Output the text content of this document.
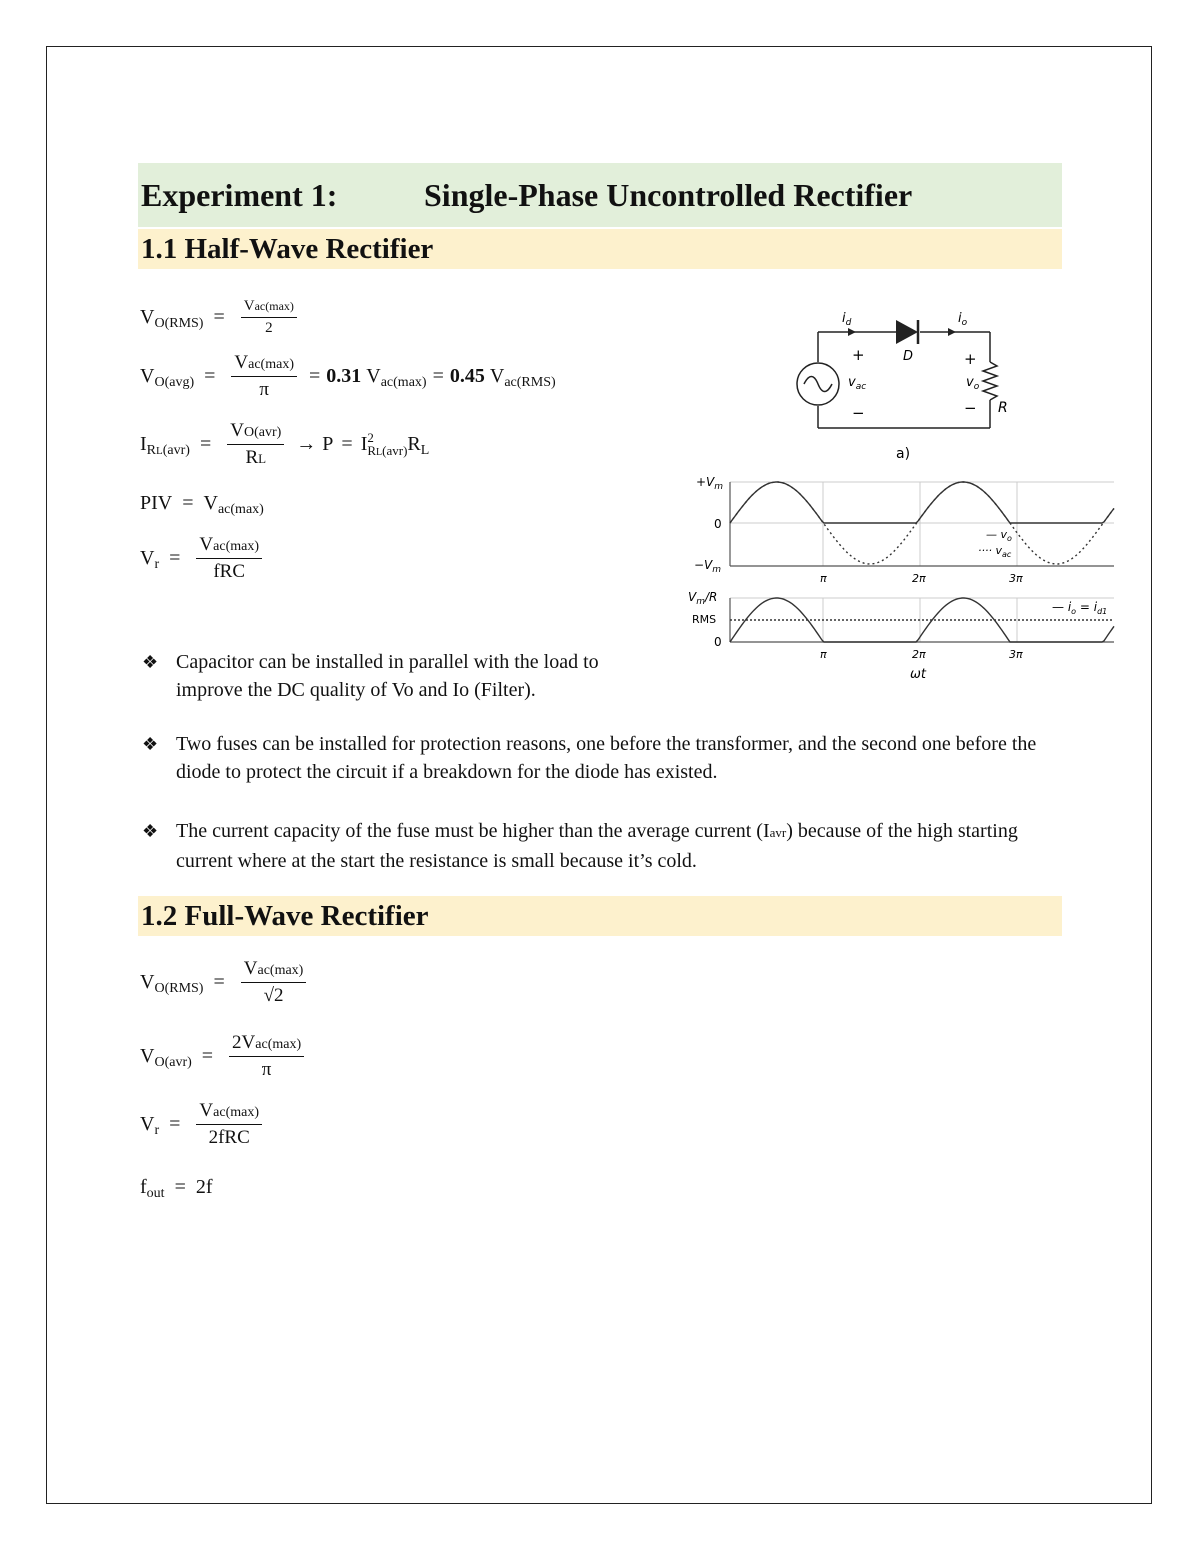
Experiment 1:	Single-Phase Uncontrolled Rectifier
1.1 Half-Wave Rectifier
V $O(RMS) = \frac{\text{Vac(max)}}{2}$
V $O(avg) = \frac{\text{Vac(max)}}{\pi} = 0.31$
V ac(max) = 0.45
V ac(RMS)
I $RL(avr) = \frac{\text{VO(avr)}}{RL} \to P = I$ 2
RL(avr) R L
PIV = V ac(max)
V $r = \frac{\text{Vac(max)}}{\text{fRC}}$
$i_d$	$i_o$
D
+
−
$v_{ac}$
+
−
$v_o$
R
a)
$+V_m$
0
$-V_m$
π	2π	3π
— $v_o$
···· $v_{ac}$
$V_m/R$
RMS
0
π	2π	3π
— $i_o = i_{d1}$
ωt
❖ Capacitor can be installed in parallel with the load to improve the DC quality of Vo and Io (Filter).
❖ Two fuses can be installed for protection reasons, one before the transformer, and the second one before the diode to protect the circuit if a breakdown for the diode has existed.
❖ The current capacity of the fuse must be higher than the average current (Iavr) because of the high starting current where at the start the resistance is small because it’s cold.
1.2 Full-Wave Rectifier
V $O(RMS) = \frac{\text{Vac(max)}}{√2}$
V $O(avr) = \frac{\text{2Vac(max)}}{\pi}$
V $r = \frac{\text{Vac(max)}}{\text{2fRC}}$
f out = 2f
